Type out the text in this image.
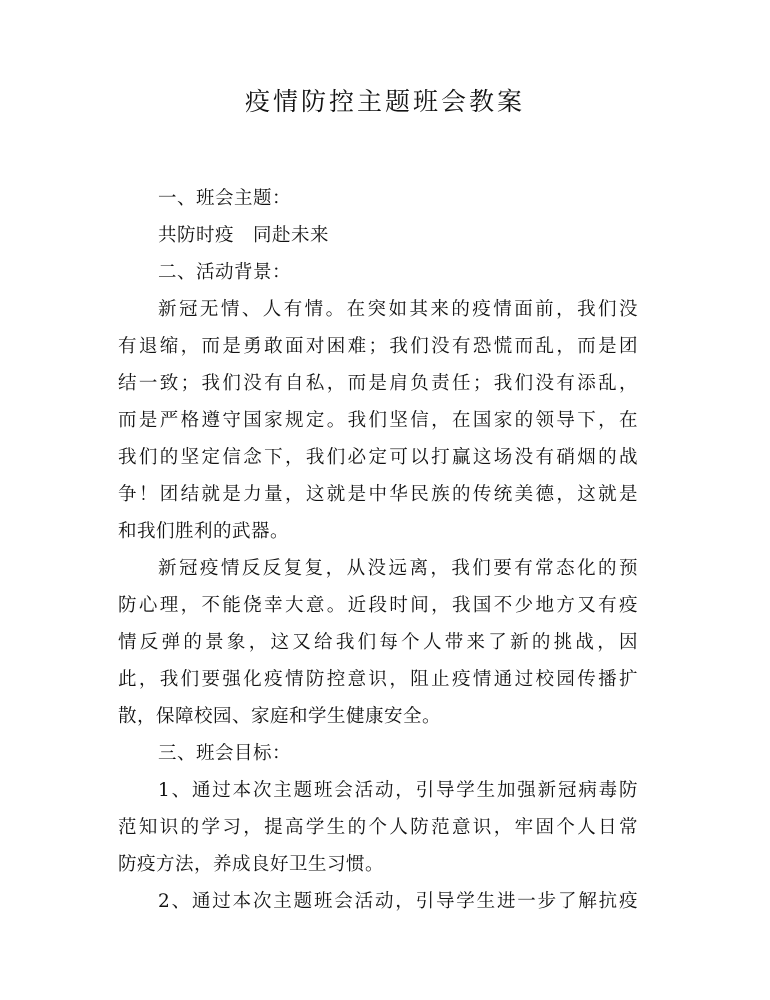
疫情防控主题班会教案
一、班会主题：
共防时疫　同赴未来
二、活动背景：
新冠无情、人有情。在突如其来的疫情面前，我们没
有退缩，而是勇敢面对困难；我们没有恐慌而乱，而是团
结一致；我们没有自私，而是肩负责任；我们没有添乱，
而是严格遵守国家规定。我们坚信，在国家的领导下，在
我们的坚定信念下，我们必定可以打赢这场没有硝烟的战
争！团结就是力量，这就是中华民族的传统美德，这就是
和我们胜利的武器。
新冠疫情反反复复，从没远离，我们要有常态化的预
防心理，不能侥幸大意。近段时间，我国不少地方又有疫
情反弹的景象，这又给我们每个人带来了新的挑战，因
此，我们要强化疫情防控意识，阻止疫情通过校园传播扩
散，保障校园、家庭和学生健康安全。
三、班会目标：
1、通过本次主题班会活动，引导学生加强新冠病毒防
范知识的学习，提高学生的个人防范意识，牢固个人日常
防疫方法，养成良好卫生习惯。
2、通过本次主题班会活动，引导学生进一步了解抗疫
